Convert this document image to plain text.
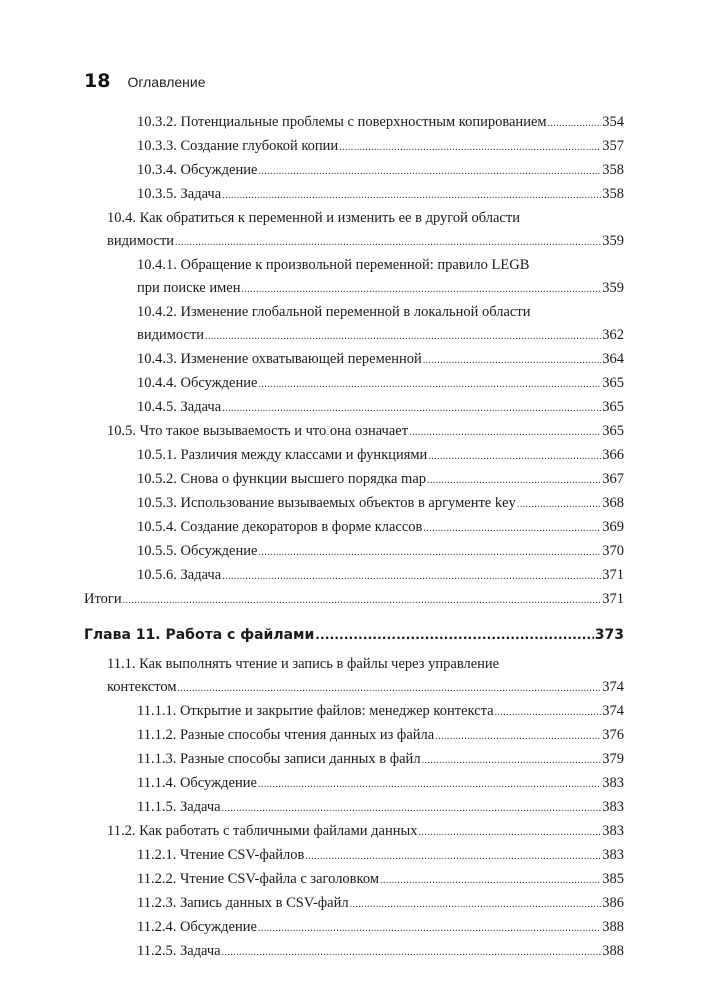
18 Оглавление
10.3.2. Потенциальные проблемы с поверхностным копированием .....	354
10.3.3. Создание глубокой копии .....	357
10.3.4. Обсуждение .....	358
10.3.5. Задача .....	358
10.4. Как обратиться к переменной и изменить ее в другой области
видимости .....	359
10.4.1. Обращение к произвольной переменной: правило LEGB
при поиске имен .....	359
10.4.2. Изменение глобальной переменной в локальной области
видимости .....	362
10.4.3. Изменение охватывающей переменной .....	364
10.4.4. Обсуждение .....	365
10.4.5. Задача .....	365
10.5. Что такое вызываемость и что она означает .....	365
10.5.1. Различия между классами и функциями .....	366
10.5.2. Снова о функции высшего порядка map .....	367
10.5.3. Использование вызываемых объектов в аргументе key .....	368
10.5.4. Создание декораторов в форме классов .....	369
10.5.5. Обсуждение .....	370
10.5.6. Задача .....	371
Итоги .....	371
Глава 11. Работа с файлами .....	373
11.1. Как выполнять чтение и запись в файлы через управление
контекстом .....	374
11.1.1. Открытие и закрытие файлов: менеджер контекста .....	374
11.1.2. Разные способы чтения данных из файла .....	376
11.1.3. Разные способы записи данных в файл .....	379
11.1.4. Обсуждение .....	383
11.1.5. Задача .....	383
11.2. Как работать с табличными файлами данных .....	383
11.2.1. Чтение CSV-файлов .....	383
11.2.2. Чтение CSV-файла с заголовком .....	385
11.2.3. Запись данных в CSV-файл .....	386
11.2.4. Обсуждение .....	388
11.2.5. Задача .....	388
